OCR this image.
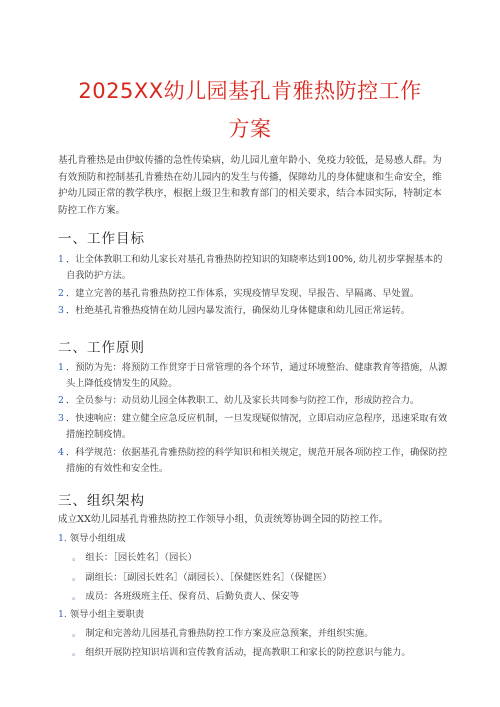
2025XX幼儿园基孔肯雅热防控工作
方案
基孔肯雅热是由伊蚊传播的急性传染病，幼儿园儿童年龄小、免疫力较低，是易感人群。为有效预防和控制基孔肯雅热在幼儿园内的发生与传播，保障幼儿的身体健康和生命安全，维护幼儿园正常的教学秩序，根据上级卫生和教育部门的相关要求，结合本园实际，特制定本防控工作方案。
一、工作目标
1 ．让全体教职工和幼儿家长对基孔肯雅热防控知识的知晓率达到100%, 幼儿初步掌握基本的自我防护方法。
2 ．建立完善的基孔肯雅热防控工作体系，实现疫情早发现、早报告、早隔离、早处置。
3 ．杜绝基孔肯雅热疫情在幼儿园内暴发流行，确保幼儿身体健康和幼儿园正常运转。
二、工作原则
1 ．预防为先：将预防工作贯穿于日常管理的各个环节，通过环境整治、健康教育等措施，从源头上降低疫情发生的风险。
2 ．全员参与：动员幼儿园全体教职工、幼儿及家长共同参与防控工作，形成防控合力。
3 ．快速响应：建立健全应急反应机制，一旦发现疑似情况，立即启动应急程序，迅速采取有效措施控制疫情。
4 ．科学规范：依据基孔肯雅热防控的科学知识和相关规定，规范开展各项防控工作，确保防控措施的有效性和安全性。
三、组织架构
成立XX幼儿园基孔肯雅热防控工作领导小组，负责统筹协调全园的防控工作。
1. 领导小组组成
。 组长：［园长姓名］（园长）
。 副组长：［副园长姓名］（副园长）、［保健医姓名］（保健医）
。 成员：各班级班主任、保育员、后勤负责人、保安等
1. 领导小组主要职责
。 制定和完善幼儿园基孔肯雅热防控工作方案及应急预案，并组织实施。
。 组织开展防控知识培训和宣传教育活动，提高教职工和家长的防控意识与能力。
